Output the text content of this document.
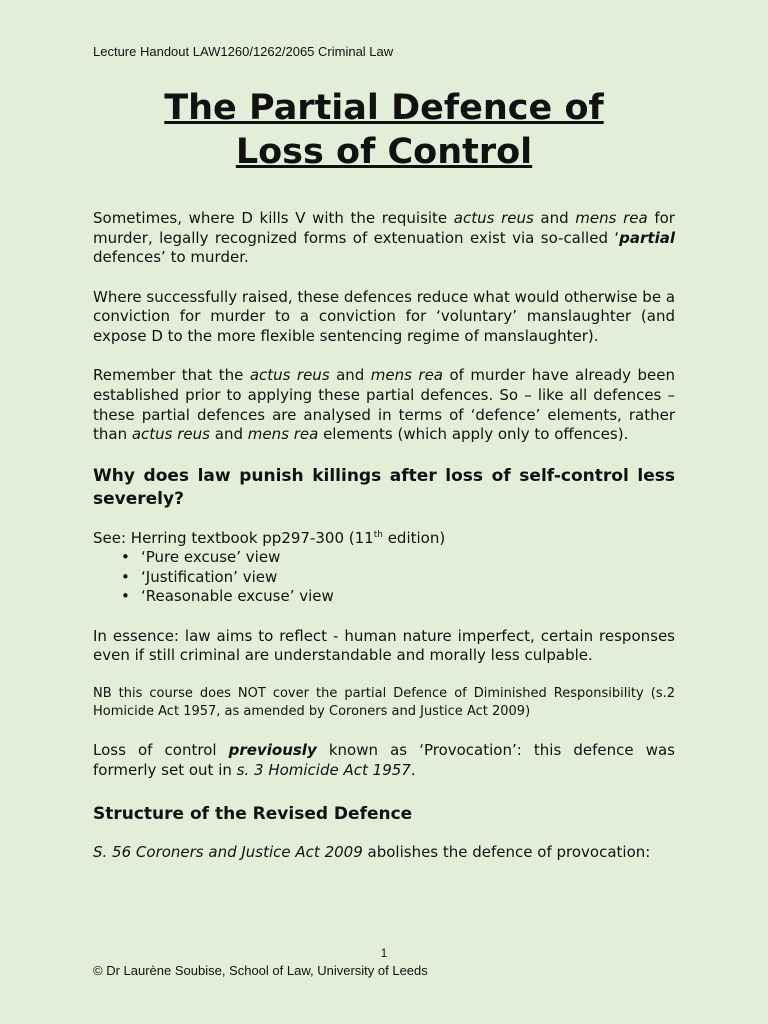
Lecture Handout LAW1260/1262/2065 Criminal Law
The Partial Defence of
Loss of Control

Sometimes, where D kills V with the requisite actus reus and mens rea for murder, legally recognized forms of extenuation exist via so-called ‘partial defences’ to murder.

Where successfully raised, these defences reduce what would otherwise be a conviction for murder to a conviction for ‘voluntary’ manslaughter (and expose D to the more flexible sentencing regime of manslaughter).

Remember that the actus reus and mens rea of murder have already been established prior to applying these partial defences. So – like all defences – these partial defences are analysed in terms of ‘defence’ elements, rather than actus reus and mens rea elements (which apply only to offences).

Why does law punish killings after loss of self-control less severely?

See: Herring textbook pp297-300 (11th edition)

• ‘Pure excuse’ view
• ‘Justification’ view
• ‘Reasonable excuse’ view

In essence: law aims to reflect - human nature imperfect, certain responses even if still criminal are understandable and morally less culpable.

NB this course does NOT cover the partial Defence of Diminished Responsibility (s.2 Homicide Act 1957, as amended by Coroners and Justice Act 2009)

Loss of control previously known as ‘Provocation’: this defence was formerly set out in s. 3 Homicide Act 1957.

Structure of the Revised Defence

S. 56 Coroners and Justice Act 2009 abolishes the defence of provocation:

1
© Dr Laurène Soubise, School of Law, University of Leeds
